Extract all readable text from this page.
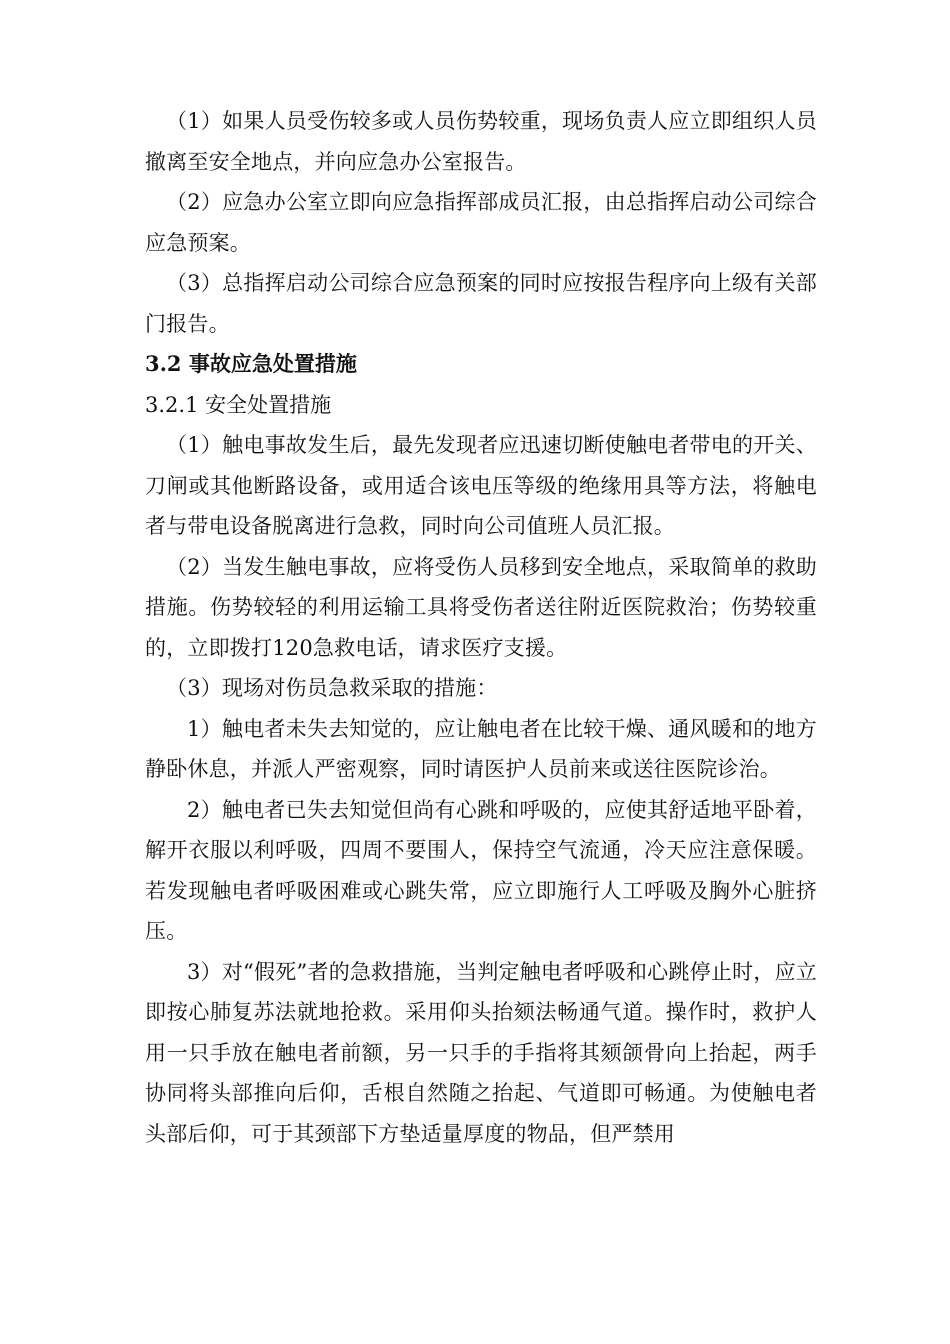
（1）如果人员受伤较多或人员伤势较重，现场负责人应立即组织人员撤离至安全地点，并向应急办公室报告。

（2）应急办公室立即向应急指挥部成员汇报，由总指挥启动公司综合应急预案。

（3）总指挥启动公司综合应急预案的同时应按报告程序向上级有关部门报告。

3.2 事故应急处置措施

3.2.1 安全处置措施

（1）触电事故发生后，最先发现者应迅速切断使触电者带电的开关、刀闸或其他断路设备，或用适合该电压等级的绝缘用具等方法，将触电者与带电设备脱离进行急救，同时向公司值班人员汇报。

（2）当发生触电事故，应将受伤人员移到安全地点，采取简单的救助措施。伤势较轻的利用运输工具将受伤者送往附近医院救治；伤势较重的，立即拨打120急救电话，请求医疗支援。

（3）现场对伤员急救采取的措施：

1）触电者未失去知觉的，应让触电者在比较干燥、通风暖和的地方静卧休息，并派人严密观察，同时请医护人员前来或送往医院诊治。

2）触电者已失去知觉但尚有心跳和呼吸的，应使其舒适地平卧着，解开衣服以利呼吸，四周不要围人，保持空气流通，冷天应注意保暖。若发现触电者呼吸困难或心跳失常，应立即施行人工呼吸及胸外心脏挤压。

3）对“假死”者的急救措施，当判定触电者呼吸和心跳停止时，应立即按心肺复苏法就地抢救。采用仰头抬颏法畅通气道。操作时，救护人用一只手放在触电者前额，另一只手的手指将其颏颌骨向上抬起，两手协同将头部推向后仰，舌根自然随之抬起、气道即可畅通。为使触电者头部后仰，可于其颈部下方垫适量厚度的物品，但严禁用
